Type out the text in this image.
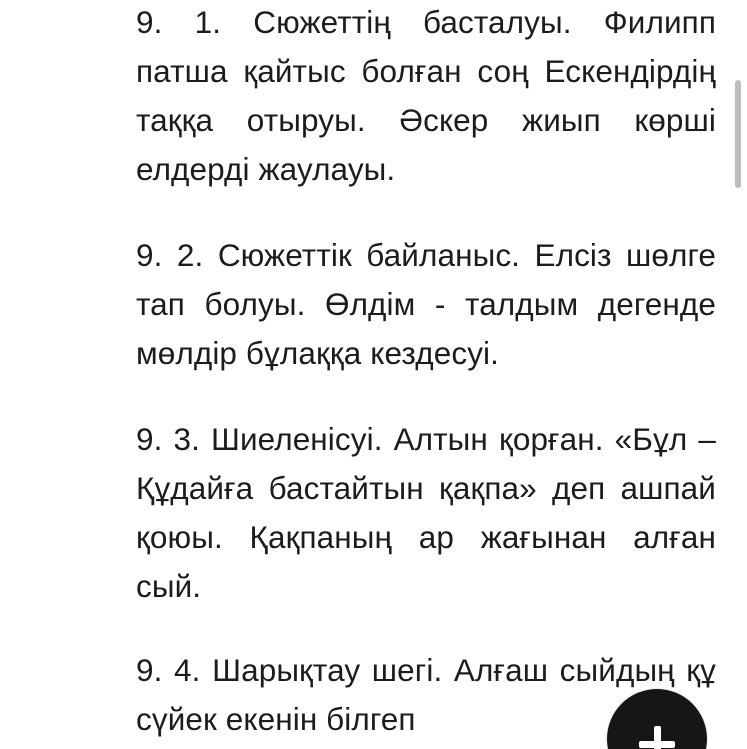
9. 1. Сюжеттің басталуы. Филипп патша қайтыс болған соң Ескендірдің таққа отыруы. Әскер жиып көрші елдерді жаулауы.

9. 2. Сюжеттік байланыс. Елсіз шөлге тап болуы. Өлдім - талдым дегенде мөлдір бұлаққа кездесуі.

9. 3. Шиеленісуі. Алтын қорған. «Бұл – Құдайға бастайтын қақпа» деп ашпай қоюы. Қақпаның ар жағынан алған сый.

9. 4. Шарықтау шегі. Алғаш сыйдың құ сүйек екенін білгеп
